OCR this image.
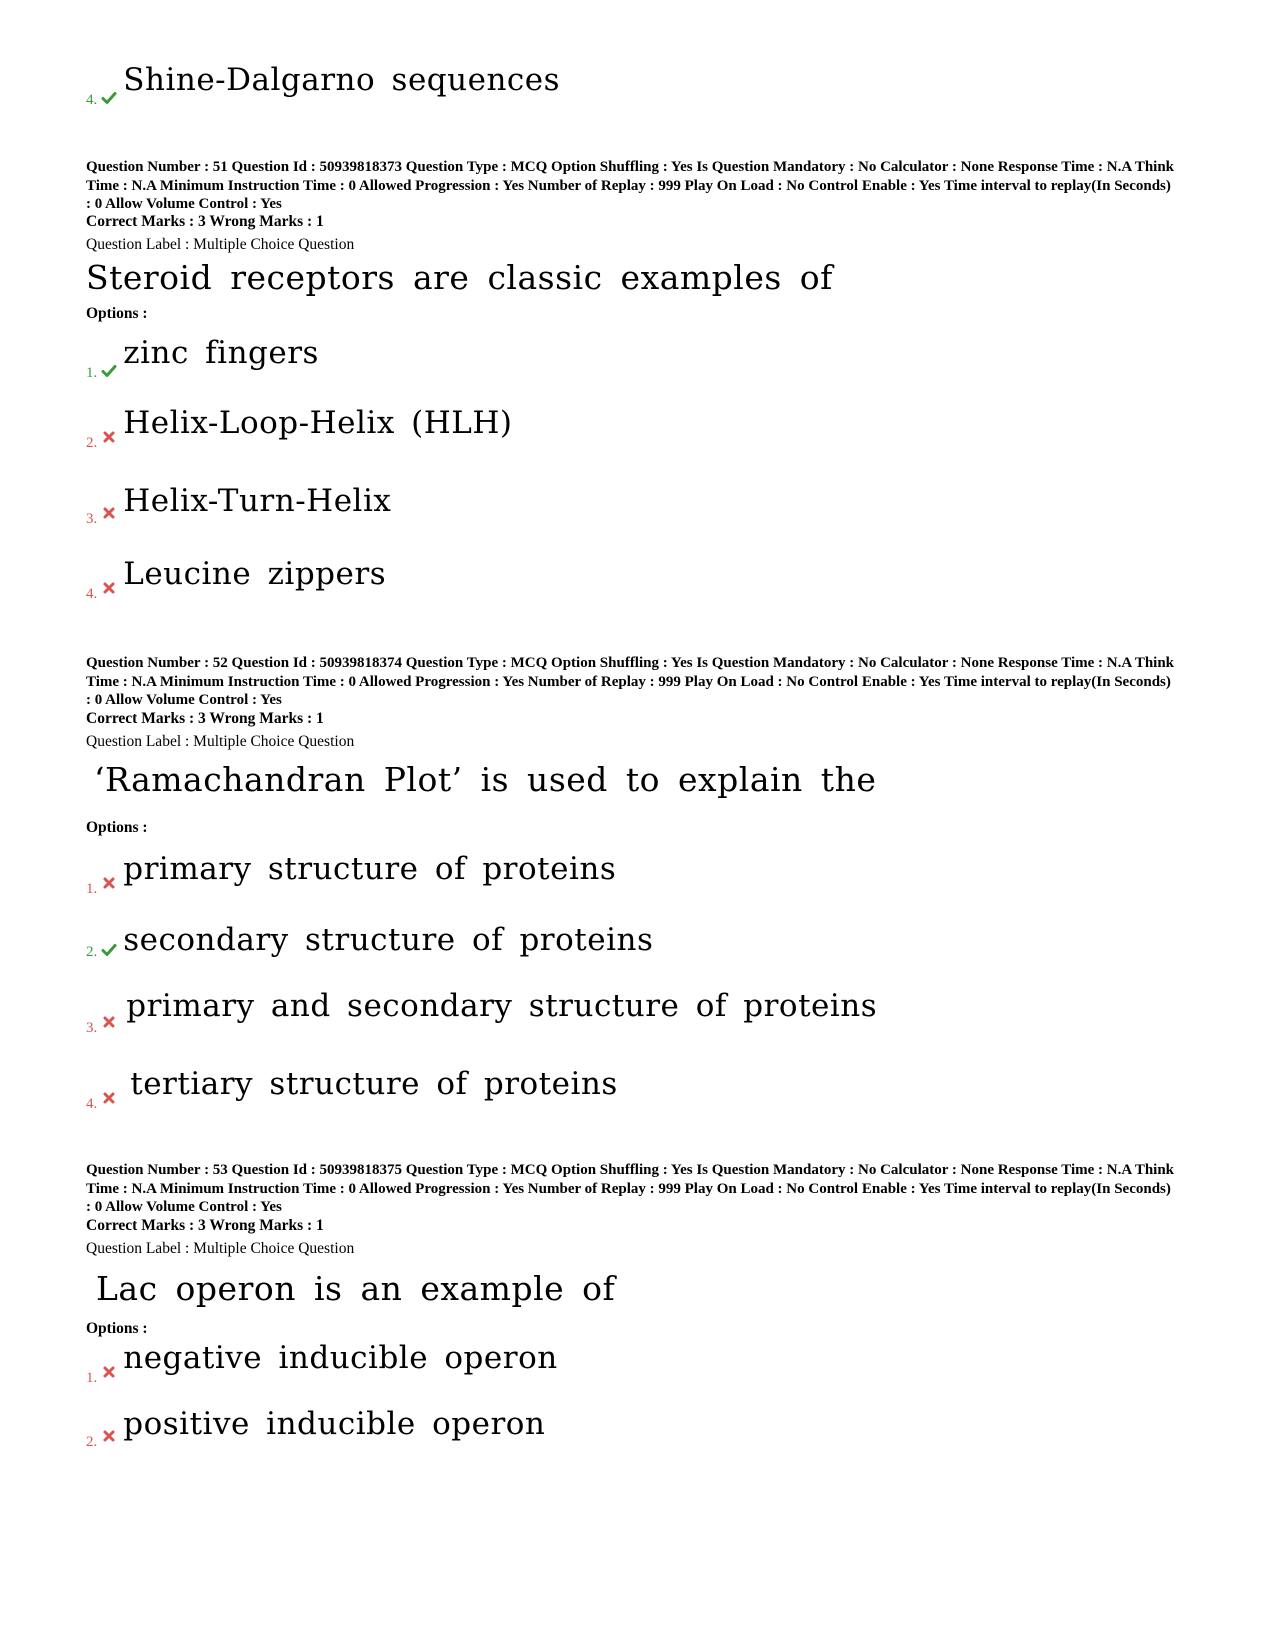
4.
Shine-Dalgarno sequences
Question Number : 51 Question Id : 50939818373 Question Type : MCQ Option Shuffling : Yes Is Question Mandatory : No Calculator : None Response Time : N.A Think Time : N.A Minimum Instruction Time : 0 Allowed Progression : Yes Number of Replay : 999 Play On Load : No Control Enable : Yes Time interval to replay(In Seconds) : 0 Allow Volume Control : Yes
Correct Marks : 3 Wrong Marks : 1
Question Label : Multiple Choice Question
Steroid receptors are classic examples of
Options :
1.
zinc fingers
2.
Helix-Loop-Helix (HLH)
3. Helix-Turn-Helix
4.
Leucine zippers
Question Number : 52 Question Id : 50939818374 Question Type : MCQ Option Shuffling : Yes Is Question Mandatory : No Calculator : None Response Time : N.A Think Time : N.A Minimum Instruction Time : 0 Allowed Progression : Yes Number of Replay : 999 Play On Load : No Control Enable : Yes Time interval to replay(In Seconds) : 0 Allow Volume Control : Yes
Correct Marks : 3 Wrong Marks : 1
Question Label : Multiple Choice Question
‘Ramachandran Plot’ is used to explain the
Options :
1.
primary structure of proteins
2. secondary structure of proteins
3.
primary and secondary structure of proteins
4.
tertiary structure of proteins
Question Number : 53 Question Id : 50939818375 Question Type : MCQ Option Shuffling : Yes Is Question Mandatory : No Calculator : None Response Time : N.A Think Time : N.A Minimum Instruction Time : 0 Allowed Progression : Yes Number of Replay : 999 Play On Load : No Control Enable : Yes Time interval to replay(In Seconds) : 0 Allow Volume Control : Yes
Correct Marks : 3 Wrong Marks : 1
Question Label : Multiple Choice Question
Lac operon is an example of
Options :
1.
negative inducible operon
2. positive inducible operon
